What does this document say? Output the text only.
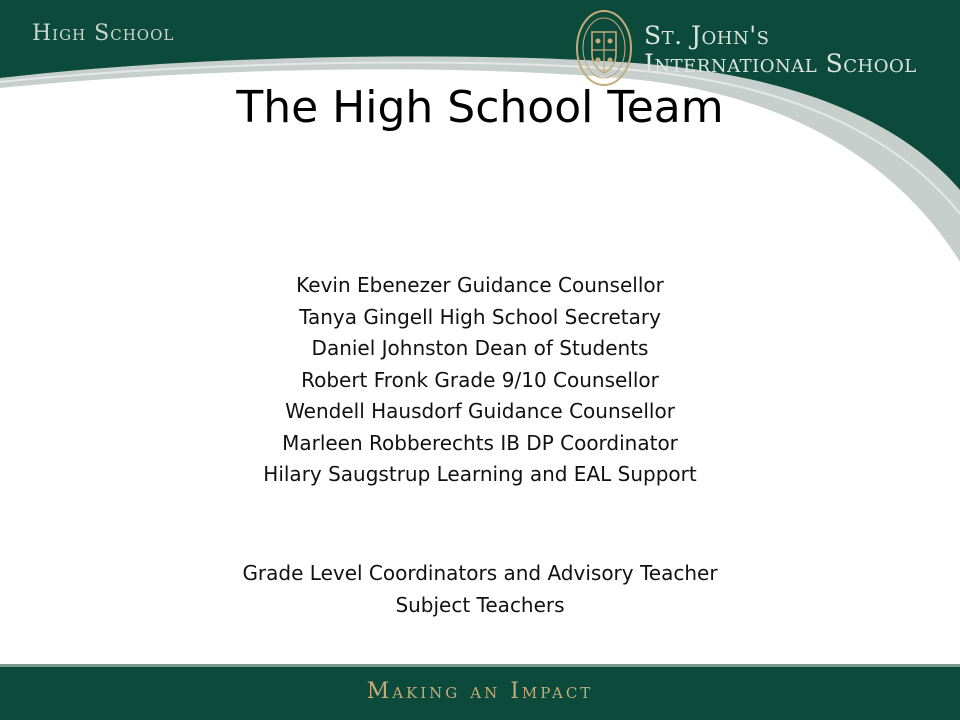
High School	St. John's
International School
The High School Team
Kevin Ebenezer Guidance Counsellor
Tanya Gingell High School Secretary
Daniel Johnston Dean of Students
Robert Fronk Grade 9/10 Counsellor
Wendell Hausdorf Guidance Counsellor
Marleen Robberechts IB DP Coordinator
Hilary Saugstrup Learning and EAL Support
Grade Level Coordinators and Advisory Teacher
Subject Teachers
Making an Impact
